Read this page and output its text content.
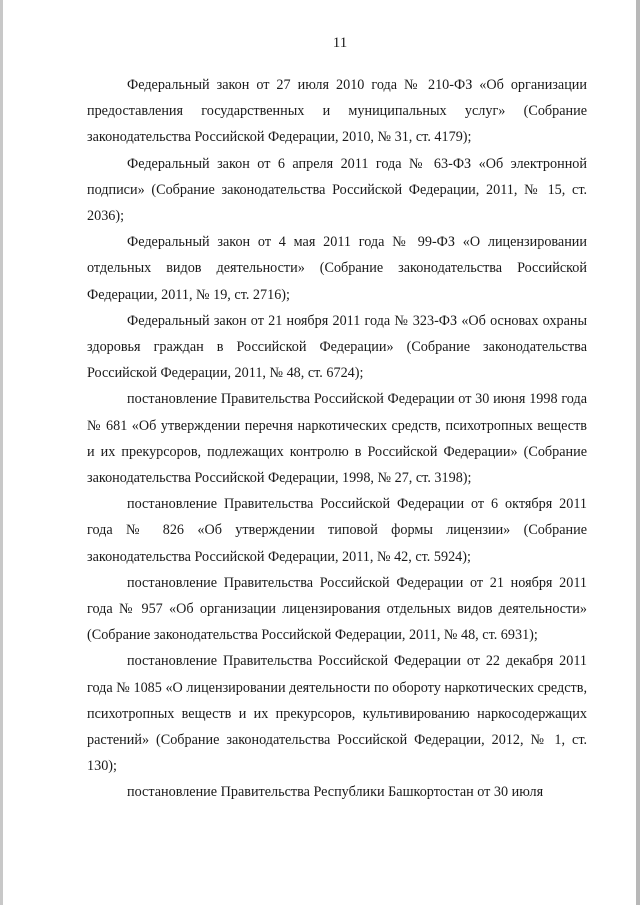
11

Федеральный закон от 27 июля 2010 года № 210-ФЗ «Об организации предоставления государственных и муниципальных услуг» (Собрание законодательства Российской Федерации, 2010, № 31, ст. 4179);

Федеральный закон от 6 апреля 2011 года № 63-ФЗ «Об электронной подписи» (Собрание законодательства Российской Федерации, 2011, № 15, ст. 2036);

Федеральный закон от 4 мая 2011 года № 99-ФЗ «О лицензировании отдельных видов деятельности» (Собрание законодательства Российской Федерации, 2011, № 19, ст. 2716);

Федеральный закон от 21 ноября 2011 года № 323-ФЗ «Об основах охраны здоровья граждан в Российской Федерации» (Собрание законодательства Российской Федерации, 2011, № 48, ст. 6724);

постановление Правительства Российской Федерации от 30 июня 1998 года № 681 «Об утверждении перечня наркотических средств, психотропных веществ и их прекурсоров, подлежащих контролю в Российской Федерации» (Собрание законодательства Российской Федерации, 1998, № 27, ст. 3198);

постановление Правительства Российской Федерации от 6 октября 2011 года № 826 «Об утверждении типовой формы лицензии» (Собрание законодательства Российской Федерации, 2011, № 42, ст. 5924);

постановление Правительства Российской Федерации от 21 ноября 2011 года № 957 «Об организации лицензирования отдельных видов деятельности» (Собрание законодательства Российской Федерации, 2011, № 48, ст. 6931);

постановление Правительства Российской Федерации от 22 декабря 2011 года № 1085 «О лицензировании деятельности по обороту наркотических средств, психотропных веществ и их прекурсоров, культивированию наркосодержащих растений» (Собрание законодательства Российской Федерации, 2012, № 1, ст. 130);

постановление Правительства Республики Башкортостан от 30 июля
